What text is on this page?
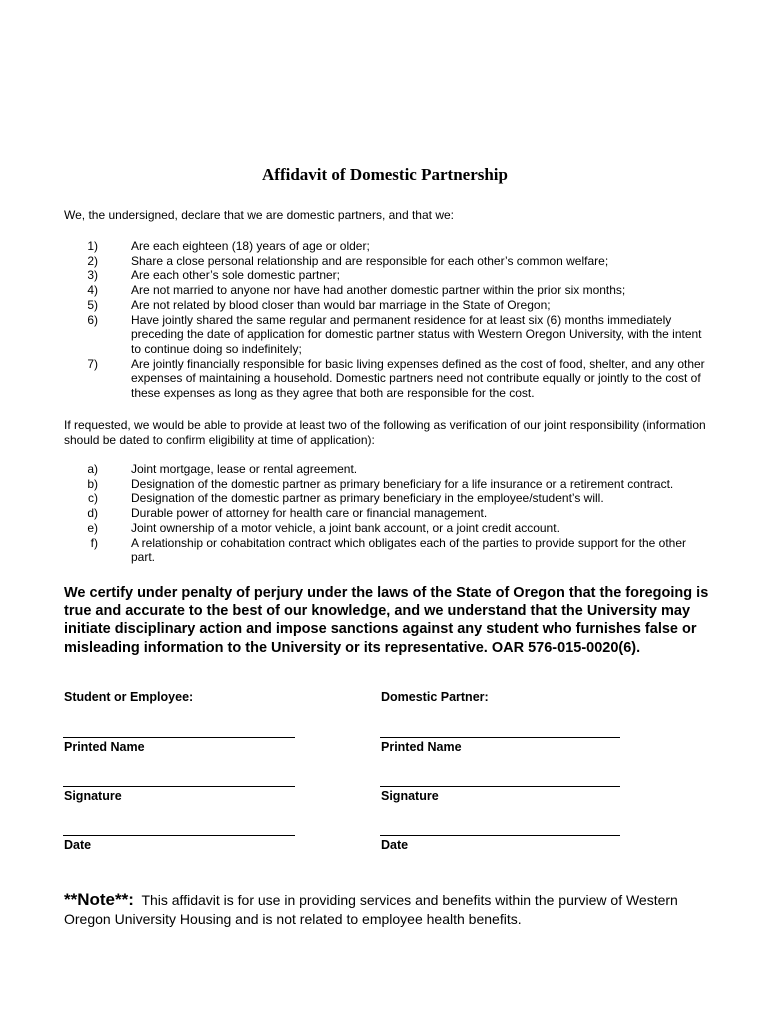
Affidavit of Domestic Partnership
We, the undersigned, declare that we are domestic partners, and that we:
1)	Are each eighteen (18) years of age or older;
2)	Share a close personal relationship and are responsible for each other’s common welfare;
3)	Are each other’s sole domestic partner;
4)	Are not married to anyone nor have had another domestic partner within the prior six months;
5)	Are not related by blood closer than would bar marriage in the State of Oregon;
6)	Have jointly shared the same regular and permanent residence for at least six (6) months immediately preceding the date of application for domestic partner status with Western Oregon University, with the intent to continue doing so indefinitely;
7)	Are jointly financially responsible for basic living expenses defined as the cost of food, shelter, and any other expenses of maintaining a household. Domestic partners need not contribute equally or jointly to the cost of these expenses as long as they agree that both are responsible for the cost.
If requested, we would be able to provide at least two of the following as verification of our joint responsibility (information should be dated to confirm eligibility at time of application):
a)	Joint mortgage, lease or rental agreement.
b)	Designation of the domestic partner as primary beneficiary for a life insurance or a retirement contract.
c)	Designation of the domestic partner as primary beneficiary in the employee/student’s will.
d)	Durable power of attorney for health care or financial management.
e)	Joint ownership of a motor vehicle, a joint bank account, or a joint credit account.
f)	A relationship or cohabitation contract which obligates each of the parties to provide support for the other part.
We certify under penalty of perjury under the laws of the State of Oregon that the foregoing is true and accurate to the best of our knowledge, and we understand that the University may initiate disciplinary action and impose sanctions against any student who furnishes false or misleading information to the University or its representative. OAR 576-015-0020(6).
Student or Employee:
Printed Name
Signature
Date
Domestic Partner:
Printed Name
Signature
Date
**Note**: This affidavit is for use in providing services and benefits within the purview of Western Oregon University Housing and is not related to employee health benefits.
